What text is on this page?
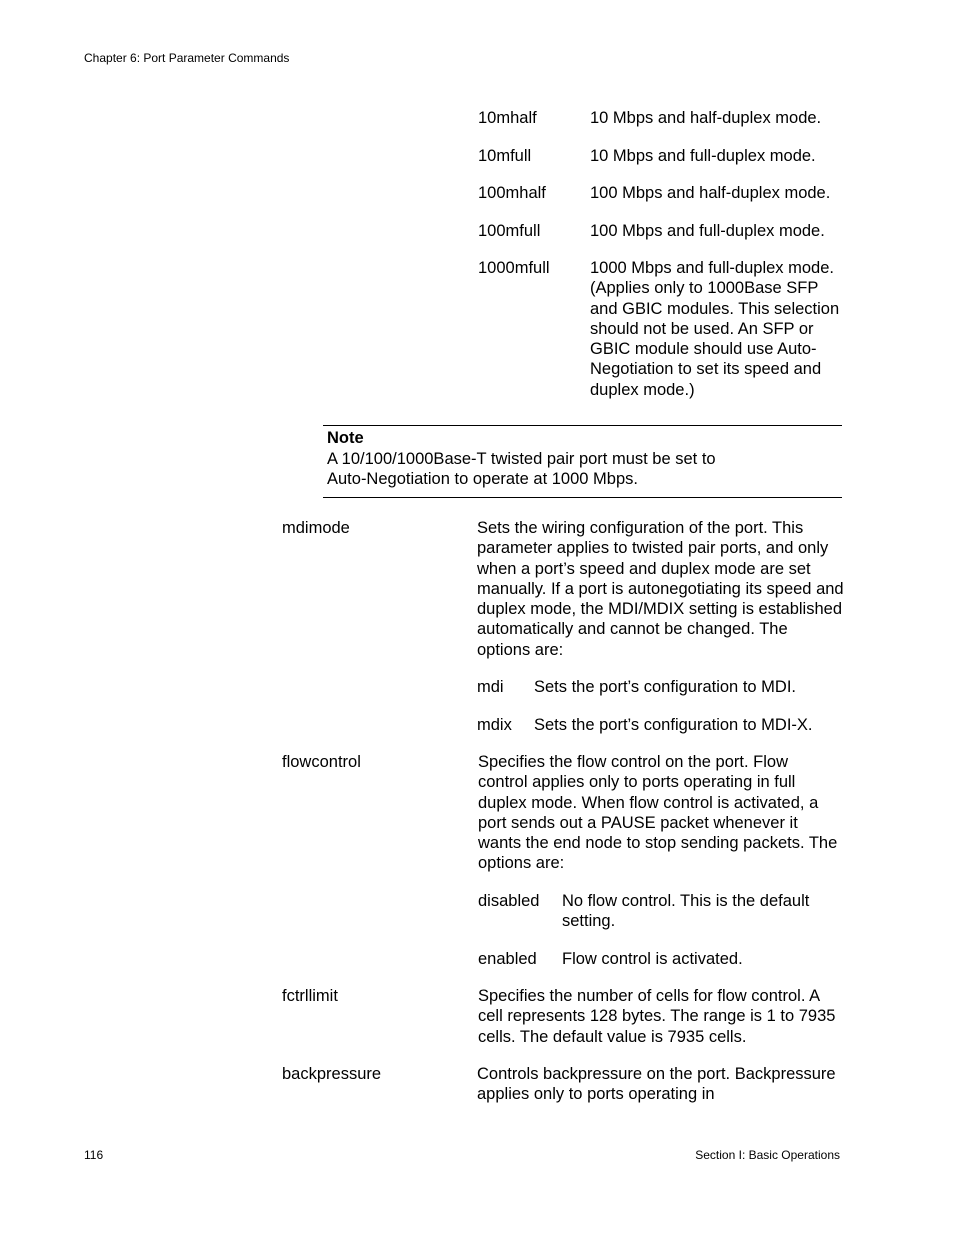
Chapter 6: Port Parameter Commands
10mhalf	10 Mbps and half-duplex mode.
10mfull	10 Mbps and full-duplex mode.
100mhalf	100 Mbps and half-duplex mode.
100mfull	100 Mbps and full-duplex mode.
1000mfull 1000 Mbps and full-duplex mode. (Applies only to 1000Base SFP and GBIC modules. This selection should not be used. An SFP or GBIC module should use Auto-Negotiation to set its speed and duplex mode.)
Note
A 10/100/1000Base-T twisted pair port must be set to Auto-Negotiation to operate at 1000 Mbps.
mdimode	Sets the wiring configuration of the port. This parameter applies to twisted pair ports, and only when a port’s speed and duplex mode are set manually. If a port is autonegotiating its speed and duplex mode, the MDI/MDIX setting is established automatically and cannot be changed. The options are:
mdi Sets the port’s configuration to MDI.
mdix Sets the port’s configuration to MDI-X.
flowcontrol	Specifies the flow control on the port. Flow control applies only to ports operating in full duplex mode. When flow control is activated, a port sends out a PAUSE packet whenever it wants the end node to stop sending packets. The options are:
disabled No flow control. This is the default setting.
enabled Flow control is activated.
fctrllimit	Specifies the number of cells for flow control. A cell represents 128 bytes. The range is 1 to 7935 cells. The default value is 7935 cells.
backpressure	Controls backpressure on the port. Backpressure applies only to ports operating in
116	Section I: Basic Operations
